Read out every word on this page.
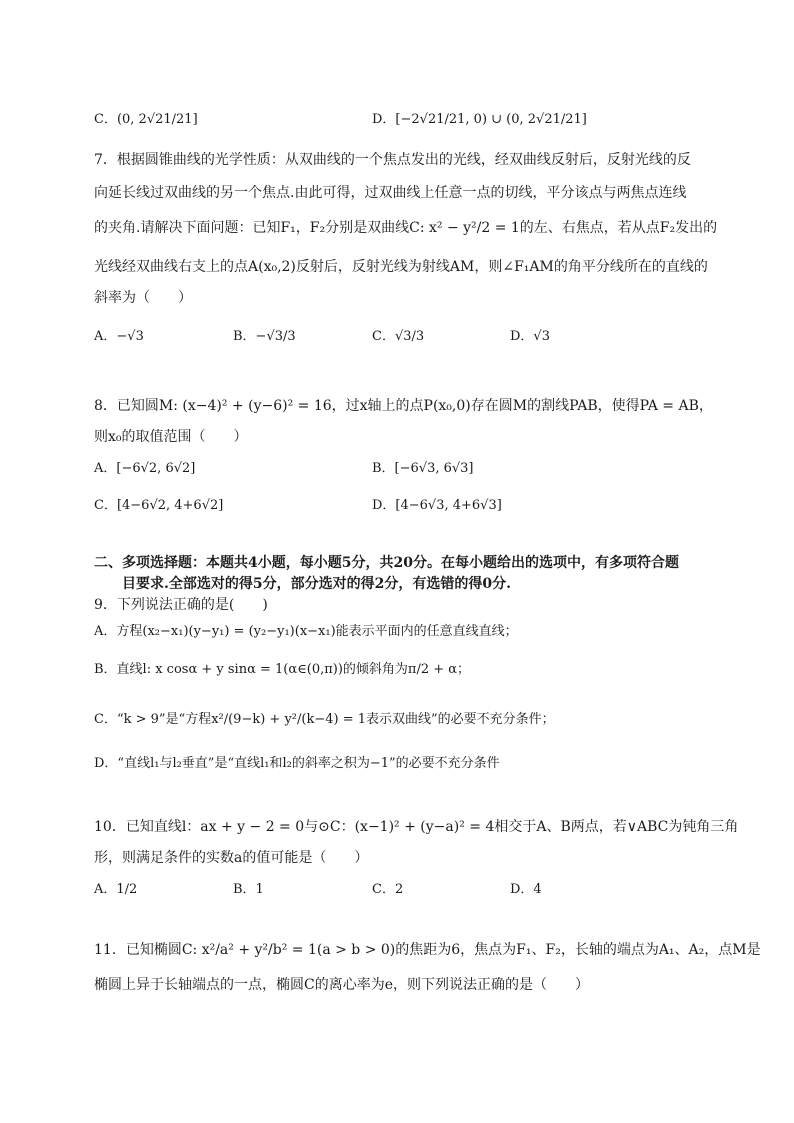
C．(0, 2√21/21]	D．[−2√21/21, 0) ∪ (0, 2√21/21]
7．根据圆锥曲线的光学性质：从双曲线的一个焦点发出的光线，经双曲线反射后，反射光线的反
向延长线过双曲线的另一个焦点.由此可得，过双曲线上任意一点的切线，平分该点与两焦点连线
的夹角.请解决下面问题：已知F₁，F₂分别是双曲线C: x² − y²/2 = 1的左、右焦点，若从点F₂发出的
光线经双曲线右支上的点A(x₀,2)反射后，反射光线为射线AM，则∠F₁AM的角平分线所在的直线的
斜率为（　　）
A．−√3	B．−√3/3	C．√3/3	D．√3
8．已知圆M: (x−4)² + (y−6)² = 16，过x轴上的点P(x₀,0)存在圆M的割线PAB，使得PA = AB，
则x₀的取值范围（　　）
A．[−6√2, 6√2]	B．[−6√3, 6√3]
C．[4−6√2, 4+6√2]	D．[4−6√3, 4+6√3]
二、多项选择题：本题共4小题，每小题5分，共20分。在每小题给出的选项中，有多项符合题
目要求.全部选对的得5分，部分选对的得2分，有选错的得0分.
9．下列说法正确的是(　　)
A．方程(x₂−x₁)(y−y₁) = (y₂−y₁)(x−x₁)能表示平面内的任意直线直线；
B．直线l: x cosα + y sinα = 1(α∈(0,π))的倾斜角为π/2 + α；
C．“k > 9”是“方程x²/(9−k) + y²/(k−4) = 1表示双曲线”的必要不充分条件；
D．“直线l₁与l₂垂直”是“直线l₁和l₂的斜率之积为−1”的必要不充分条件
10．已知直线l：ax + y − 2 = 0与⊙C：(x−1)² + (y−a)² = 4相交于A、B两点，若∨ABC为钝角三角
形，则满足条件的实数a的值可能是（　　）
A．1/2	B．1	C．2	D．4
11．已知椭圆C: x²/a² + y²/b² = 1(a > b > 0)的焦距为6，焦点为F₁、F₂，长轴的端点为A₁、A₂，点M是
椭圆上异于长轴端点的一点，椭圆C的离心率为e，则下列说法正确的是（　　）
